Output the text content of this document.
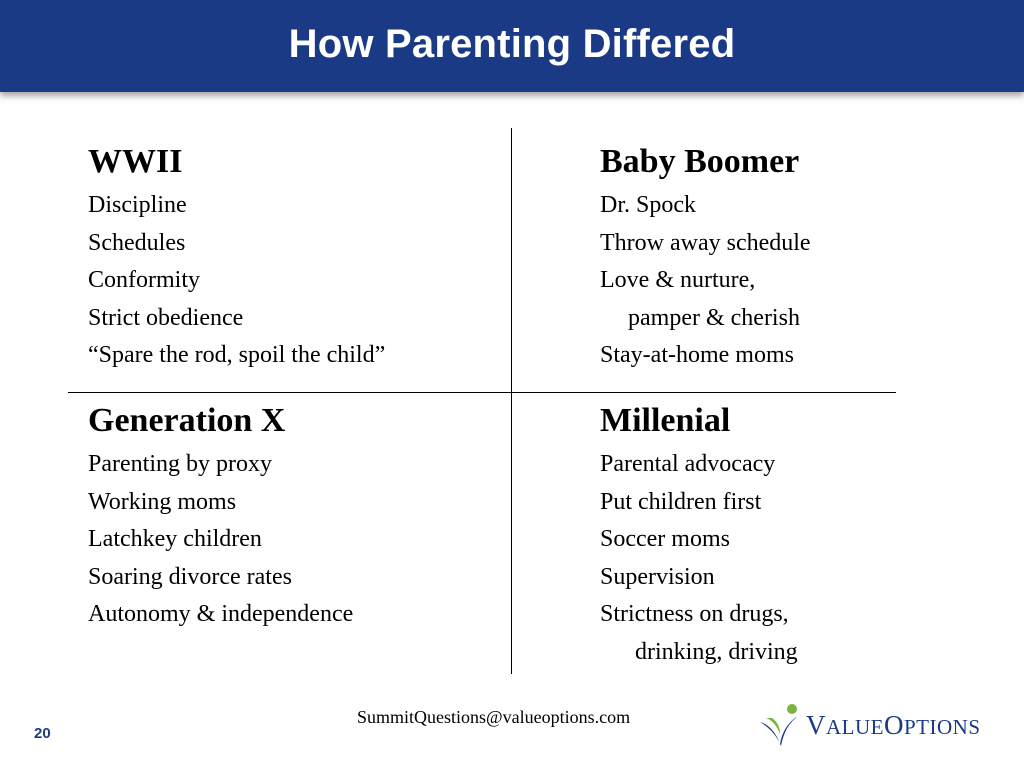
How Parenting Differed
WWII
Discipline
Schedules
Conformity
Strict obedience
“Spare the rod, spoil the child”
Baby Boomer
Dr. Spock
Throw away schedule
Love & nurture,
pamper & cherish
Stay-at-home moms
Generation X
Parenting by proxy
Working moms
Latchkey children
Soaring divorce rates
Autonomy & independence
Millenial
Parental advocacy
Put children first
Soccer moms
Supervision
Strictness on drugs,
drinking, driving
SummitQuestions@valueoptions.com
20	VALUEOPTIONS
